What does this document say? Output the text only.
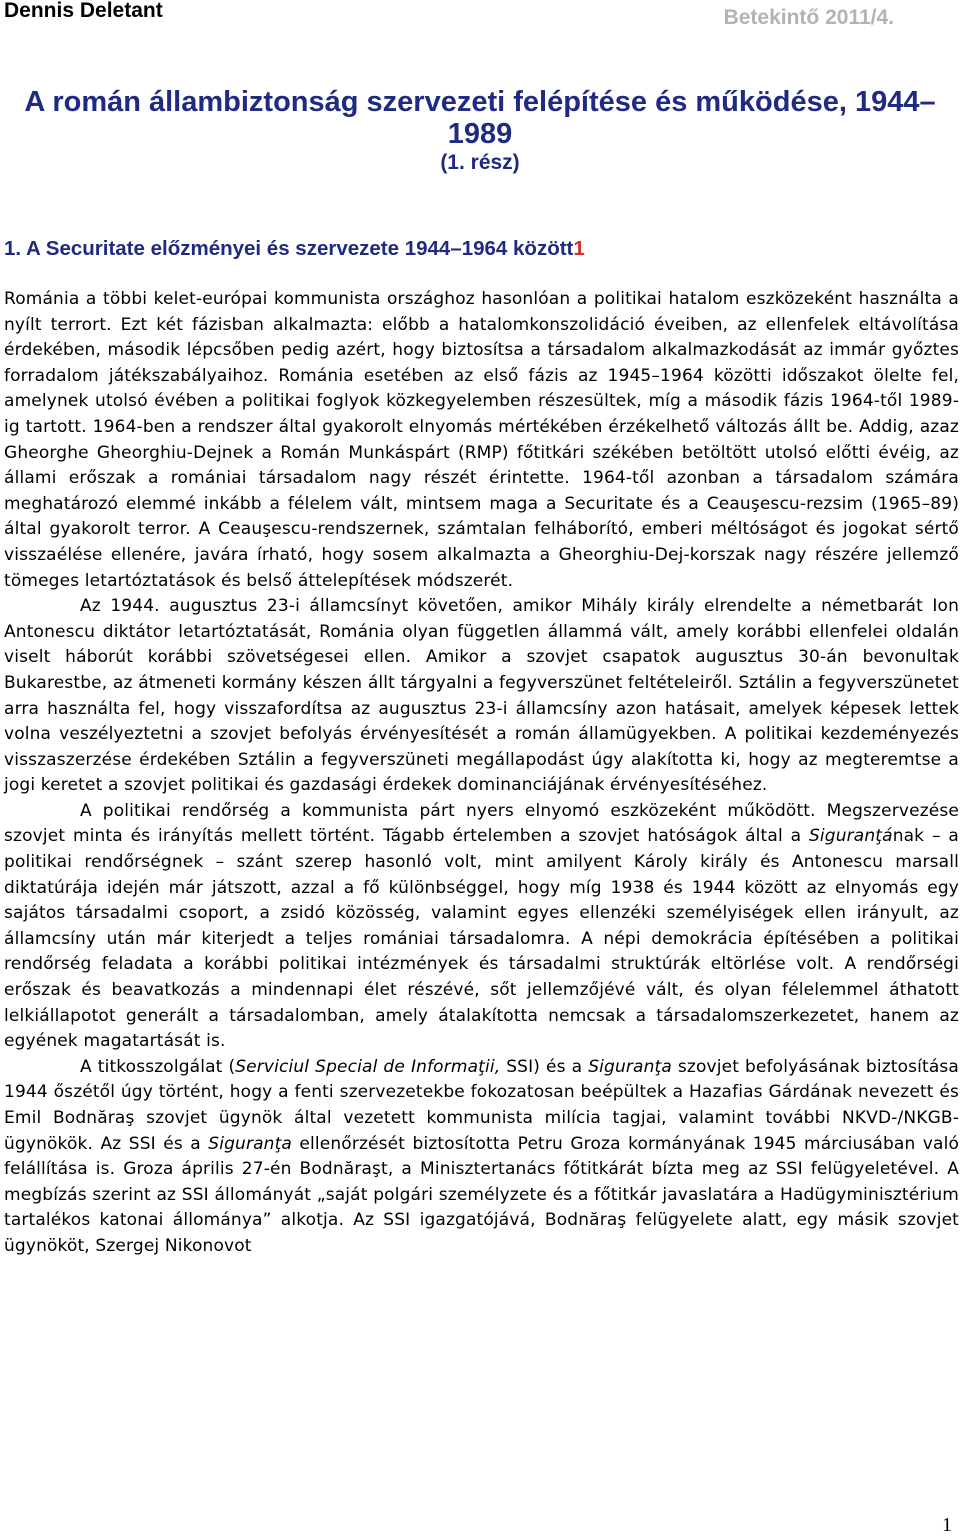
Dennis Deletant	Betekintő 2011/4.
A román állambiztonság szervezeti felépítése és működése, 1944–1989
(1. rész)
1. A Securitate előzményei és szervezete 1944–1964 között1

Románia a többi kelet-európai kommunista országhoz hasonlóan a politikai hatalom eszközeként használta a nyílt terrort. Ezt két fázisban alkalmazta: előbb a hatalomkonszolidáció éveiben, az ellenfelek eltávolítása érdekében, második lépcsőben pedig azért, hogy biztosítsa a társadalom alkalmazkodását az immár győztes forradalom játékszabályaihoz. Románia esetében az első fázis az 1945–1964 közötti időszakot ölelte fel, amelynek utolsó évében a politikai foglyok közkegyelemben részesültek, míg a második fázis 1964-től 1989-ig tartott. 1964-ben a rendszer által gyakorolt elnyomás mértékében érzékelhető változás állt be. Addig, azaz Gheorghe Gheorghiu-Dejnek a Román Munkáspárt (RMP) főtitkári székében betöltött utolsó előtti évéig, az állami erőszak a romániai társadalom nagy részét érintette. 1964-től azonban a társadalom számára meghatározó elemmé inkább a félelem vált, mintsem maga a Securitate és a Ceauşescu-rezsim (1965–89) által gyakorolt terror. A Ceauşescu-rendszernek, számtalan felháborító, emberi méltóságot és jogokat sértő visszaélése ellenére, javára írható, hogy sosem alkalmazta a Gheorghiu-Dej-korszak nagy részére jellemző tömeges letartóztatások és belső áttelepítések módszerét.

Az 1944. augusztus 23-i államcsínyt követően, amikor Mihály király elrendelte a németbarát Ion Antonescu diktátor letartóztatását, Románia olyan független állammá vált, amely korábbi ellenfelei oldalán viselt háborút korábbi szövetségesei ellen. Amikor a szovjet csapatok augusztus 30-án bevonultak Bukarestbe, az átmeneti kormány készen állt tárgyalni a fegyverszünet feltételeiről. Sztálin a fegyverszünetet arra használta fel, hogy visszafordítsa az augusztus 23-i államcsíny azon hatásait, amelyek képesek lettek volna veszélyeztetni a szovjet befolyás érvényesítését a román államügyekben. A politikai kezdeményezés visszaszerzése érdekében Sztálin a fegyverszüneti megállapodást úgy alakította ki, hogy az megteremtse a jogi keretet a szovjet politikai és gazdasági érdekek dominanciájának érvényesítéséhez.

A politikai rendőrség a kommunista párt nyers elnyomó eszközeként működött. Megszervezése szovjet minta és irányítás mellett történt. Tágabb értelemben a szovjet hatóságok által a Siguranţának – a politikai rendőrségnek – szánt szerep hasonló volt, mint amilyent Károly király és Antonescu marsall diktatúrája idején már játszott, azzal a fő különbséggel, hogy míg 1938 és 1944 között az elnyomás egy sajátos társadalmi csoport, a zsidó közösség, valamint egyes ellenzéki személyiségek ellen irányult, az államcsíny után már kiterjedt a teljes romániai társadalomra. A népi demokrácia építésében a politikai rendőrség feladata a korábbi politikai intézmények és társadalmi struktúrák eltörlése volt. A rendőrségi erőszak és beavatkozás a mindennapi élet részévé, sőt jellemzőjévé vált, és olyan félelemmel áthatott lelkiállapotot generált a társadalomban, amely átalakította nemcsak a társadalomszerkezetet, hanem az egyének magatartását is.

A titkosszolgálat (Serviciul Special de Informaţii, SSI) és a Siguranţa szovjet befolyásának biztosítása 1944 őszétől úgy történt, hogy a fenti szervezetekbe fokozatosan beépültek a Hazafias Gárdának nevezett és Emil Bodnăraş szovjet ügynök által vezetett kommunista milícia tagjai, valamint további NKVD-/NKGB-ügynökök. Az SSI és a Siguranţa ellenőrzését biztosította Petru Groza kormányának 1945 márciusában való felállítása is. Groza április 27-én Bodnăraşt, a Minisztertanács főtitkárát bízta meg az SSI felügyeletével. A megbízás szerint az SSI állományát „saját polgári személyzete és a főtitkár javaslatára a Hadügyminisztérium tartalékos katonai állománya” alkotja. Az SSI igazgatójává, Bodnăraş felügyelete alatt, egy másik szovjet ügynököt, Szergej Nikonovot

1
